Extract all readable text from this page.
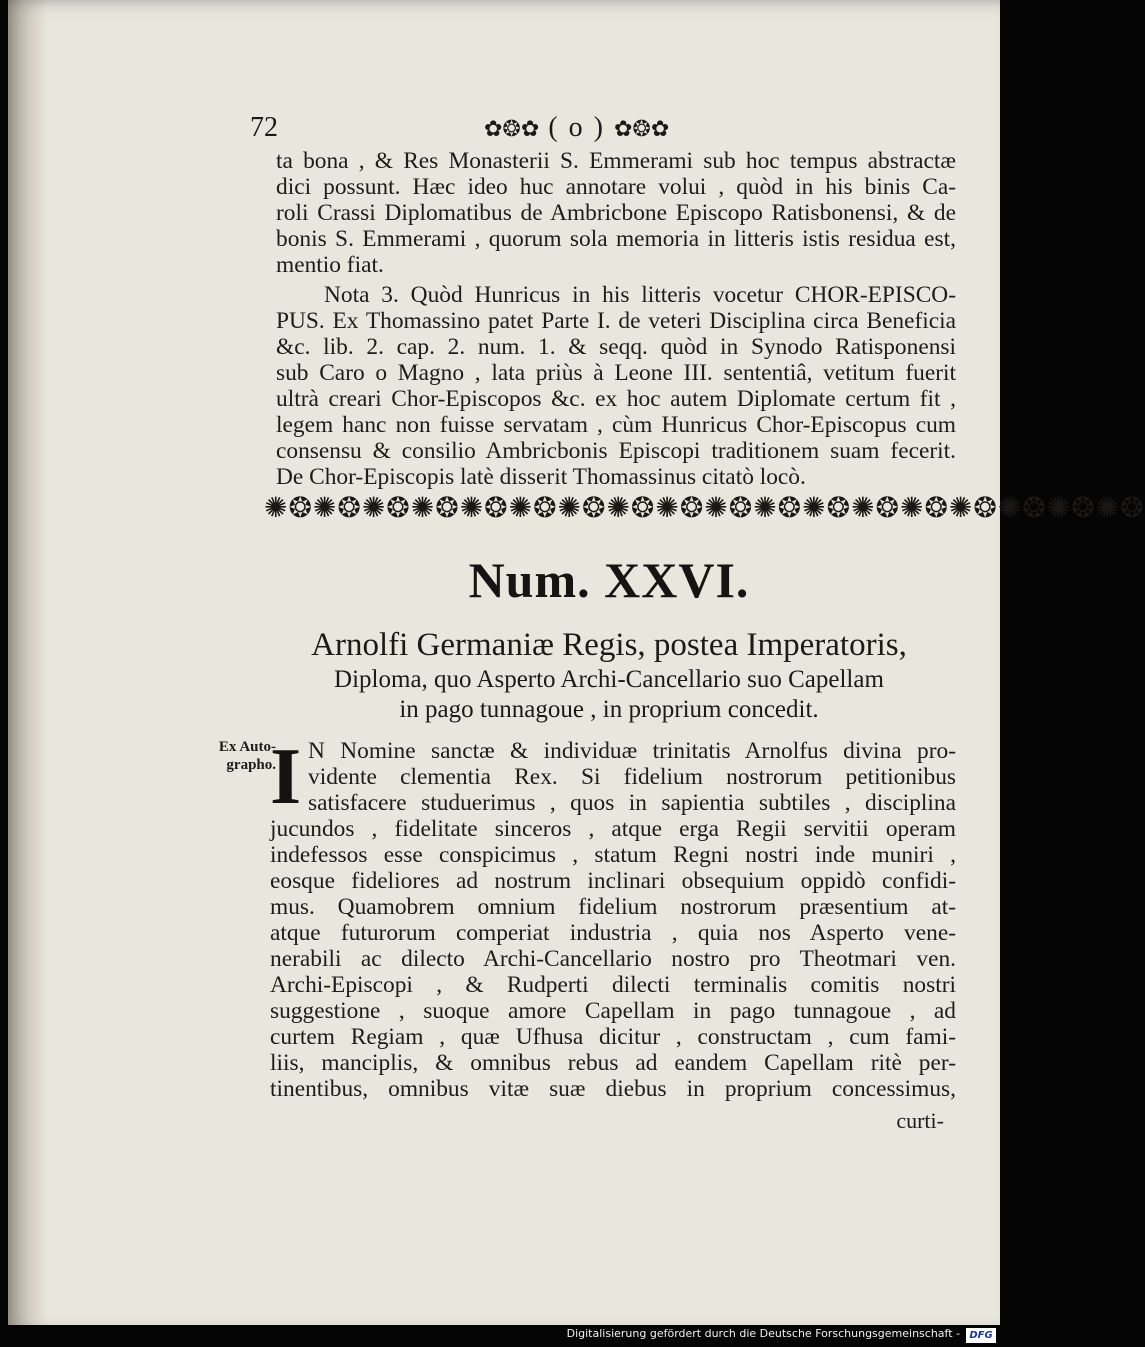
72	✿❂✿ ( o ) ✿❂✿
ta bona , & Res Monasterii S. Emmerami sub hoc tempus abstractæ
dici possunt. Hæc ideo huc annotare volui , quòd in his binis Ca-
roli Crassi Diplomatibus de Ambricbone Episcopo Ratisbonensi, & de
bonis S. Emmerami , quorum sola memoria in litteris istis residua est,
mentio fiat.
Nota 3. Quòd Hunricus in his litteris vocetur CHOR-EPISCO-
PUS. Ex Thomassino patet Parte I. de veteri Disciplina circa Beneficia
&c. lib. 2. cap. 2. num. 1. & seqq. quòd in Synodo Ratisponensi
sub Caro o Magno , lata priùs à Leone III. sententiâ, vetitum fuerit
ultrà creari Chor-Episcopos &c. ex hoc autem Diplomate certum fit ,
legem hanc non fuisse servatam , cùm Hunricus Chor-Episcopus cum
consensu & consilio Ambricbonis Episcopi traditionem suam fecerit.
De Chor-Episcopis latè disserit Thomassinus citatò locò.
✺❂✺❂✺❂✺❂✺❂✺❂✺❂✺❂✺❂✺❂✺❂✺❂✺❂✺❂✺❂✺❂✺❂✺❂
Num. XXVI.
Arnolfi Germaniæ Regis, postea Imperatoris,
Diploma, quo Asperto Archi-Cancellario suo Capellam
in pago tunnagoue , in proprium concedit.
Ex Auto-grapho.
I N Nomine sanctæ & individuæ trinitatis Arnolfus divina pro-
vidente clementia Rex. Si fidelium nostrorum petitionibus
satisfacere studuerimus , quos in sapientia subtiles , disciplina
jucundos , fidelitate sinceros , atque erga Regii servitii operam
indefessos esse conspicimus , statum Regni nostri inde muniri ,
eosque fideliores ad nostrum inclinari obsequium oppidò confidi-
mus. Quamobrem omnium fidelium nostrorum præsentium at-
atque futurorum comperiat industria , quia nos Asperto vene-
nerabili ac dilecto Archi-Cancellario nostro pro Theotmari ven.
Archi-Episcopi , & Rudperti dilecti terminalis comitis nostri
suggestione , suoque amore Capellam in pago tunnagoue , ad
curtem Regiam , quæ Ufhusa dicitur , constructam , cum fami-
liis, manciplis, & omnibus rebus ad eandem Capellam ritè per-
tinentibus, omnibus vitæ suæ diebus in proprium concessimus,
curti-
Digitalisierung gefördert durch die Deutsche Forschungsgemeinschaft - DFG
